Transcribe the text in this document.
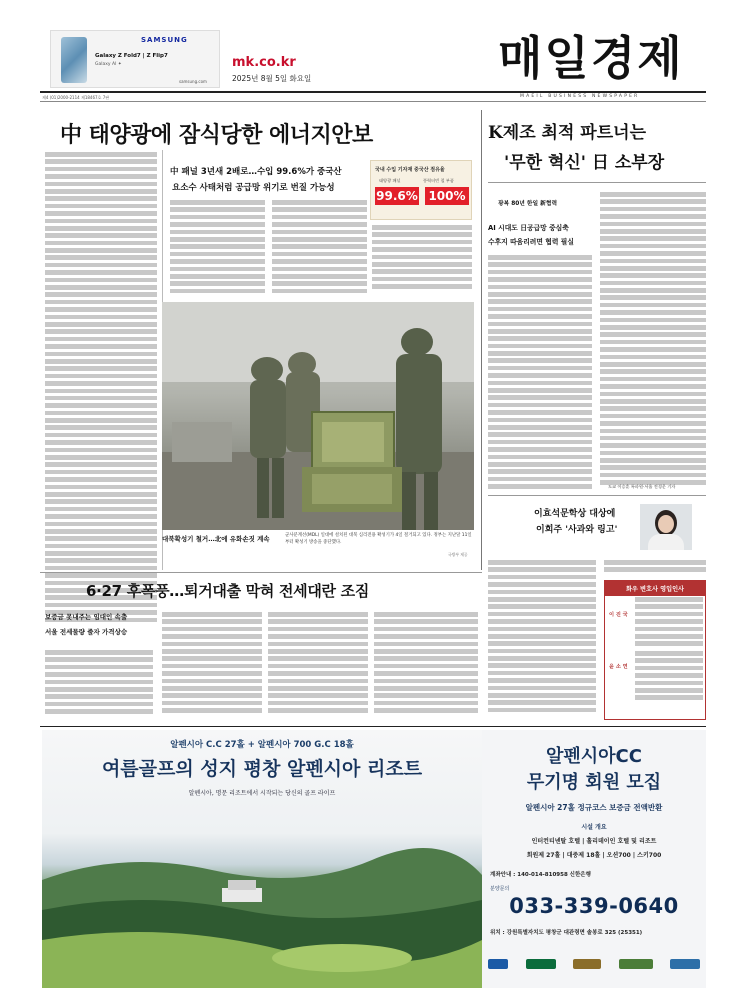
SAMSUNG
Galaxy Z Fold7 | Z Flip7
Galaxy AI ✦
samsung.com
mk.co.kr
2025년 8월 5일 화요일	매일경제
MAEIL BUSINESS NEWSPAPER
제4 (01)2000-2114 제18467호 7판
中 태양광에 잠식당한 에너지안보
中 패널 3년새 2배로…수입 99.6%가 중국산
요소수 사태처럼 공급망 위기로 번질 가능성
국내 수입 기자재 중국산 점유율
태양광 패널	풍력터빈 철 부품
99.6% 100%
대북확성기 철거…北에 유화손짓 계속	군사분계선(MDL) 일대에 설치된 대북 심리전용 확성기가 4일 철거되고 있다. 정부는 지난달 11일부터 확성기 방송을 중단했다.
국방부 제공
K제조 최적 파트너는
'무한 혁신' 日 소부장
광복 80년 한일 新협력
AI 시대도 日공급망 중심축
수후지 따움리려면 협력 필실
도쿄 이승훈 특파원·서울 전경운 기자
이효석문학상 대상에
이희주 '사과와 링고'
화우 변호사 영입인사
이 진 국
윤 소 연
6·27 후폭풍…퇴거대출 막혀 전세대란 조짐
보증금 못내주는 임대인 속출
서울 전세물량 줄자 가격상승
알펜시아 C.C 27홀 + 알펜시아 700 G.C 18홀
여름골프의 성지 평창 알펜시아 리조트
알펜시아, 명문 리조트에서 시작되는 당신의 골프 라이프
알펜시아CC
무기명 회원 모집
알펜시아 27홀 정규코스 보증금 전액반환
시설 개요
인터컨티넨탈 호텔 | 홀리데이인 호텔 및 리조트
회원제 27홀 | 대중제 18홀 | 오션700 | 스키700
계좌안내 : 140-014-810958 신한은행
분양문의
033-339-0640
위치 : 강원특별자치도 평창군 대관령면 솔봉로 325 (25351)
